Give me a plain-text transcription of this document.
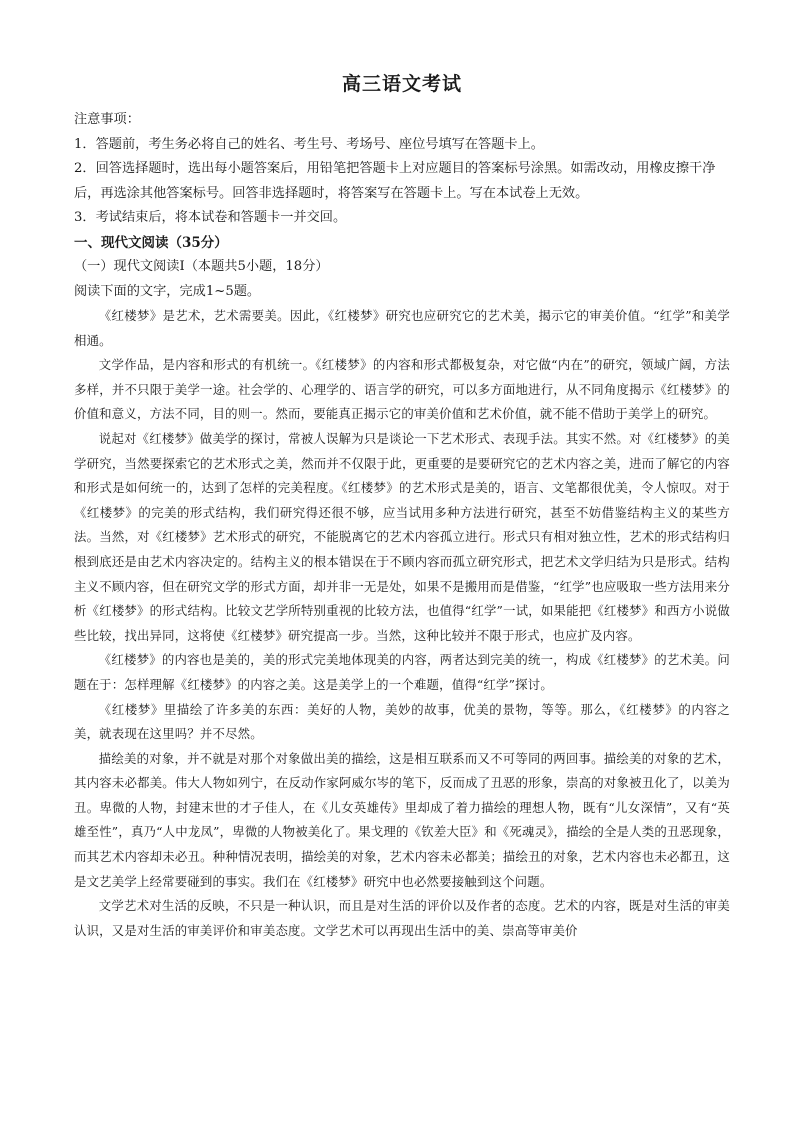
高三语文考试

注意事项：

1．答题前，考生务必将自己的姓名、考生号、考场号、座位号填写在答题卡上。

2．回答选择题时，选出每小题答案后，用铅笔把答题卡上对应题目的答案标号涂黑。如需改动，用橡皮擦干净后，再选涂其他答案标号。回答非选择题时，将答案写在答题卡上。写在本试卷上无效。

3．考试结束后，将本试卷和答题卡一并交回。

一、现代文阅读（35分）

（一）现代文阅读Ⅰ（本题共5小题，18分）

阅读下面的文字，完成1~5题。

《红楼梦》是艺术，艺术需要美。因此，《红楼梦》研究也应研究它的艺术美，揭示它的审美价值。“红学”和美学相通。

文学作品，是内容和形式的有机统一。《红楼梦》的内容和形式都极复杂，对它做“内在”的研究，领域广阔，方法多样，并不只限于美学一途。社会学的、心理学的、语言学的研究，可以多方面地进行，从不同角度揭示《红楼梦》的价值和意义，方法不同，目的则一。然而，要能真正揭示它的审美价值和艺术价值，就不能不借助于美学上的研究。

说起对《红楼梦》做美学的探讨，常被人误解为只是谈论一下艺术形式、表现手法。其实不然。对《红楼梦》的美学研究，当然要探索它的艺术形式之美，然而并不仅限于此，更重要的是要研究它的艺术内容之美，进而了解它的内容和形式是如何统一的，达到了怎样的完美程度。《红楼梦》的艺术形式是美的，语言、文笔都很优美，令人惊叹。对于《红楼梦》的完美的形式结构，我们研究得还很不够，应当试用多种方法进行研究，甚至不妨借鉴结构主义的某些方法。当然，对《红楼梦》艺术形式的研究，不能脱离它的艺术内容孤立进行。形式只有相对独立性，艺术的形式结构归根到底还是由艺术内容决定的。结构主义的根本错误在于不顾内容而孤立研究形式，把艺术文学归结为只是形式。结构主义不顾内容，但在研究文学的形式方面，却并非一无是处，如果不是搬用而是借鉴，“红学”也应吸取一些方法用来分析《红楼梦》的形式结构。比较文艺学所特别重视的比较方法，也值得“红学”一试，如果能把《红楼梦》和西方小说做些比较，找出异同，这将使《红楼梦》研究提高一步。当然，这种比较并不限于形式，也应扩及内容。

《红楼梦》的内容也是美的，美的形式完美地体现美的内容，两者达到完美的统一，构成《红楼梦》的艺术美。问题在于：怎样理解《红楼梦》的内容之美。这是美学上的一个难题，值得“红学”探讨。

《红楼梦》里描绘了许多美的东西：美好的人物，美妙的故事，优美的景物，等等。那么，《红楼梦》的内容之美，就表现在这里吗？并不尽然。

描绘美的对象，并不就是对那个对象做出美的描绘，这是相互联系而又不可等同的两回事。描绘美的对象的艺术，其内容未必都美。伟大人物如列宁，在反动作家阿威尔岑的笔下，反而成了丑恶的形象，崇高的对象被丑化了，以美为丑。卑微的人物，封建末世的才子佳人，在《儿女英雄传》里却成了着力描绘的理想人物，既有“儿女深情”，又有“英雄至性”，真乃“人中龙凤”，卑微的人物被美化了。果戈理的《钦差大臣》和《死魂灵》，描绘的全是人类的丑恶现象，而其艺术内容却未必丑。种种情况表明，描绘美的对象，艺术内容未必都美；描绘丑的对象，艺术内容也未必都丑，这是文艺美学上经常要碰到的事实。我们在《红楼梦》研究中也必然要接触到这个问题。

文学艺术对生活的反映，不只是一种认识，而且是对生活的评价以及作者的态度。艺术的内容，既是对生活的审美认识，又是对生活的审美评价和审美态度。文学艺术可以再现出生活中的美、崇高等审美价
